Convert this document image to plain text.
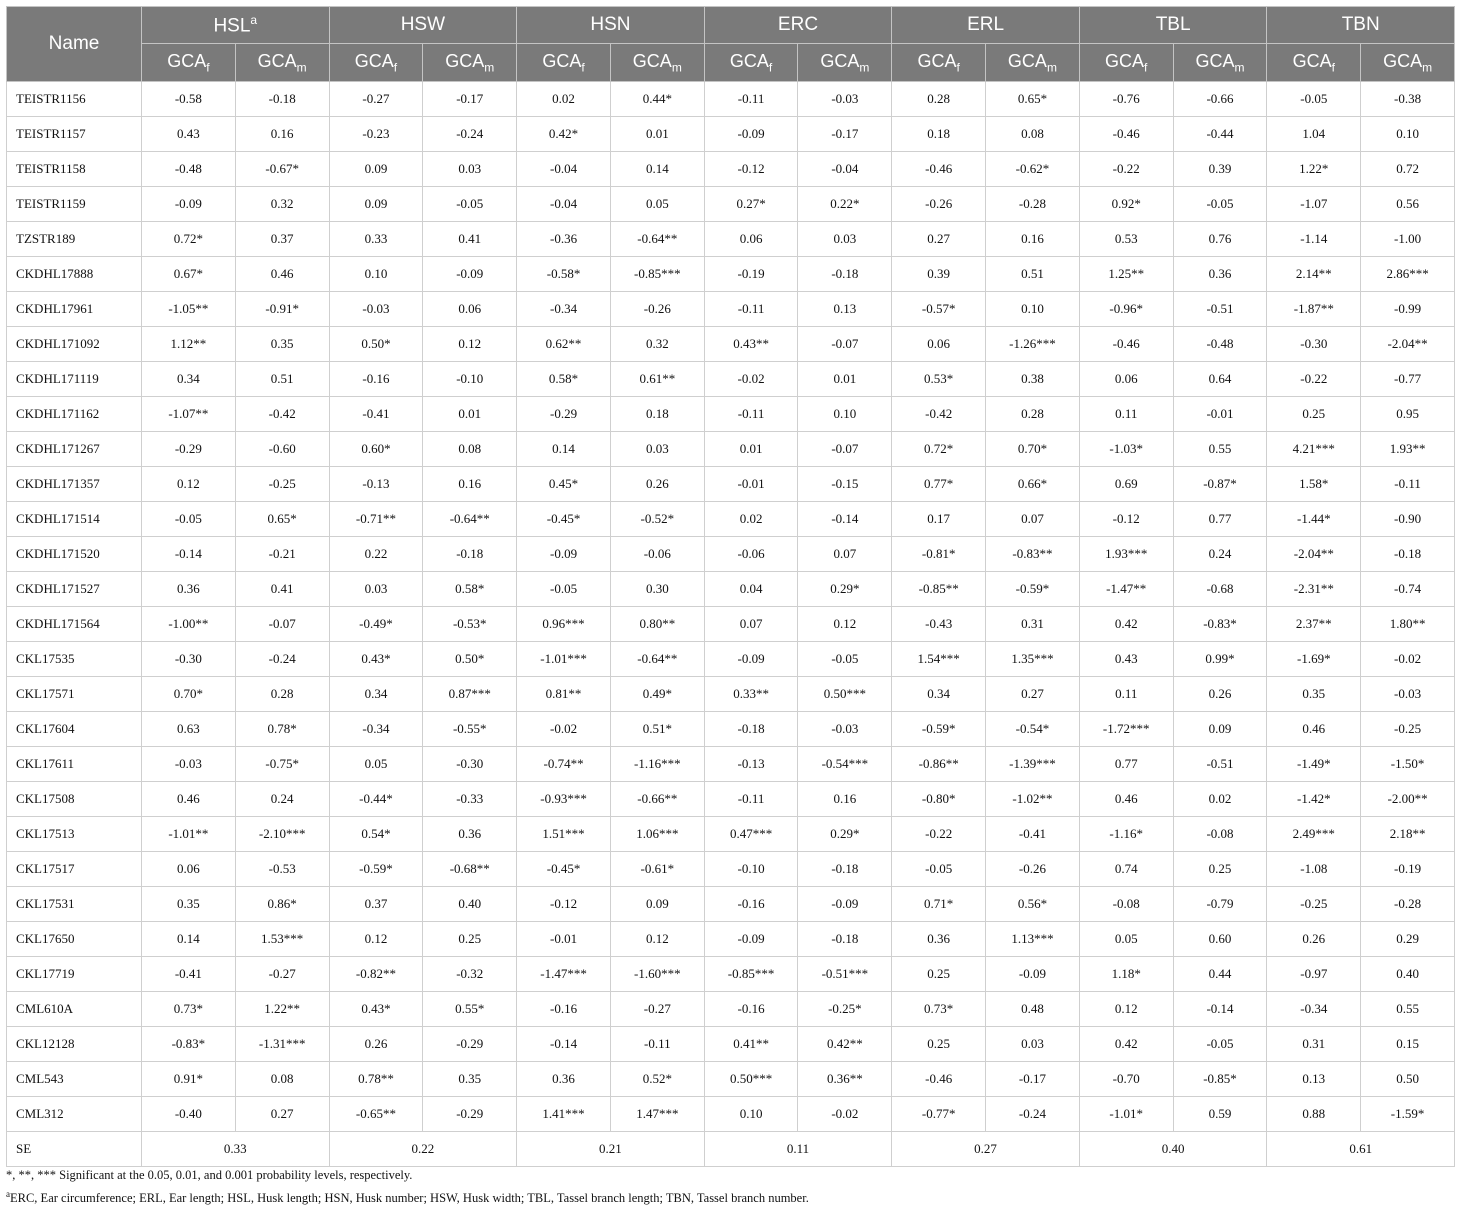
Name	HSL$^a$		HSW		HSN		ERC		ERL		TBL		TBN	
	$GCA_f$	$GCA_m$	$GCA_f$	$GCA_m$	$GCA_f$	$GCA_m$	$GCA_f$	$GCA_m$	$GCA_f$	$GCA_m$	$GCA_f$	$GCA_m$	$GCA_f$	$GCA_m$
TEISTR1156	-0.58	-0.18	-0.27	-0.17	0.02	0.44*	-0.11	-0.03	0.28	0.65*	-0.76	-0.66	-0.05	-0.38
TEISTR1157	0.43	0.16	-0.23	-0.24	0.42*	0.01	-0.09	-0.17	0.18	0.08	-0.46	-0.44	1.04	0.10
TEISTR1158	-0.48	-0.67*	0.09	0.03	-0.04	0.14	-0.12	-0.04	-0.46	-0.62*	-0.22	0.39	1.22*	0.72
TEISTR1159	-0.09	0.32	0.09	-0.05	-0.04	0.05	0.27*	0.22*	-0.26	-0.28	0.92*	-0.05	-1.07	0.56
TZSTR189	0.72*	0.37	0.33	0.41	-0.36	-0.64**	0.06	0.03	0.27	0.16	0.53	0.76	-1.14	-1.00
CKDHL17888	0.67*	0.46	0.10	-0.09	-0.58*	-0.85***	-0.19	-0.18	0.39	0.51	1.25**	0.36	2.14**	2.86***
CKDHL17961	-1.05**	-0.91*	-0.03	0.06	-0.34	-0.26	-0.11	0.13	-0.57*	0.10	-0.96*	-0.51	-1.87**	-0.99
CKDHL171092	1.12**	0.35	0.50*	0.12	0.62**	0.32	0.43**	-0.07	0.06	-1.26***	-0.46	-0.48	-0.30	-2.04**
CKDHL171119	0.34	0.51	-0.16	-0.10	0.58*	0.61**	-0.02	0.01	0.53*	0.38	0.06	0.64	-0.22	-0.77
CKDHL171162	-1.07**	-0.42	-0.41	0.01	-0.29	0.18	-0.11	0.10	-0.42	0.28	0.11	-0.01	0.25	0.95
CKDHL171267	-0.29	-0.60	0.60*	0.08	0.14	0.03	0.01	-0.07	0.72*	0.70*	-1.03*	0.55	4.21***	1.93**
CKDHL171357	0.12	-0.25	-0.13	0.16	0.45*	0.26	-0.01	-0.15	0.77*	0.66*	0.69	-0.87*	1.58*	-0.11
CKDHL171514	-0.05	0.65*	-0.71**	-0.64**	-0.45*	-0.52*	0.02	-0.14	0.17	0.07	-0.12	0.77	-1.44*	-0.90
CKDHL171520	-0.14	-0.21	0.22	-0.18	-0.09	-0.06	-0.06	0.07	-0.81*	-0.83**	1.93***	0.24	-2.04**	-0.18
CKDHL171527	0.36	0.41	0.03	0.58*	-0.05	0.30	0.04	0.29*	-0.85**	-0.59*	-1.47**	-0.68	-2.31**	-0.74
CKDHL171564	-1.00**	-0.07	-0.49*	-0.53*	0.96***	0.80**	0.07	0.12	-0.43	0.31	0.42	-0.83*	2.37**	1.80**
CKL17535	-0.30	-0.24	0.43*	0.50*	-1.01***	-0.64**	-0.09	-0.05	1.54***	1.35***	0.43	0.99*	-1.69*	-0.02
CKL17571	0.70*	0.28	0.34	0.87***	0.81**	0.49*	0.33**	0.50***	0.34	0.27	0.11	0.26	0.35	-0.03
CKL17604	0.63	0.78*	-0.34	-0.55*	-0.02	0.51*	-0.18	-0.03	-0.59*	-0.54*	-1.72***	0.09	0.46	-0.25
CKL17611	-0.03	-0.75*	0.05	-0.30	-0.74**	-1.16***	-0.13	-0.54***	-0.86**	-1.39***	0.77	-0.51	-1.49*	-1.50*
CKL17508	0.46	0.24	-0.44*	-0.33	-0.93***	-0.66**	-0.11	0.16	-0.80*	-1.02**	0.46	0.02	-1.42*	-2.00**
CKL17513	-1.01**	-2.10***	0.54*	0.36	1.51***	1.06***	0.47***	0.29*	-0.22	-0.41	-1.16*	-0.08	2.49***	2.18**
CKL17517	0.06	-0.53	-0.59*	-0.68**	-0.45*	-0.61*	-0.10	-0.18	-0.05	-0.26	0.74	0.25	-1.08	-0.19
CKL17531	0.35	0.86*	0.37	0.40	-0.12	0.09	-0.16	-0.09	0.71*	0.56*	-0.08	-0.79	-0.25	-0.28
CKL17650	0.14	1.53***	0.12	0.25	-0.01	0.12	-0.09	-0.18	0.36	1.13***	0.05	0.60	0.26	0.29
CKL17719	-0.41	-0.27	-0.82**	-0.32	-1.47***	-1.60***	-0.85***	-0.51***	0.25	-0.09	1.18*	0.44	-0.97	0.40
CML610A	0.73*	1.22**	0.43*	0.55*	-0.16	-0.27	-0.16	-0.25*	0.73*	0.48	0.12	-0.14	-0.34	0.55
CKL12128	-0.83*	-1.31***	0.26	-0.29	-0.14	-0.11	0.41**	0.42**	0.25	0.03	0.42	-0.05	0.31	0.15
CML543	0.91*	0.08	0.78**	0.35	0.36	0.52*	0.50***	0.36**	-0.46	-0.17	-0.70	-0.85*	0.13	0.50
CML312	-0.40	0.27	-0.65**	-0.29	1.41***	1.47***	0.10	-0.02	-0.77*	-0.24	-1.01*	0.59	0.88	-1.59*
SE	0.33		0.22		0.21		0.11		0.27		0.40		0.61	
*, **, *** Significant at the 0.05, 0.01, and 0.001 probability levels, respectively.
$^a$ERC, Ear circumference; ERL, Ear length; HSL, Husk length; HSN, Husk number; HSW, Husk width; TBL, Tassel branch length; TBN, Tassel branch number.
